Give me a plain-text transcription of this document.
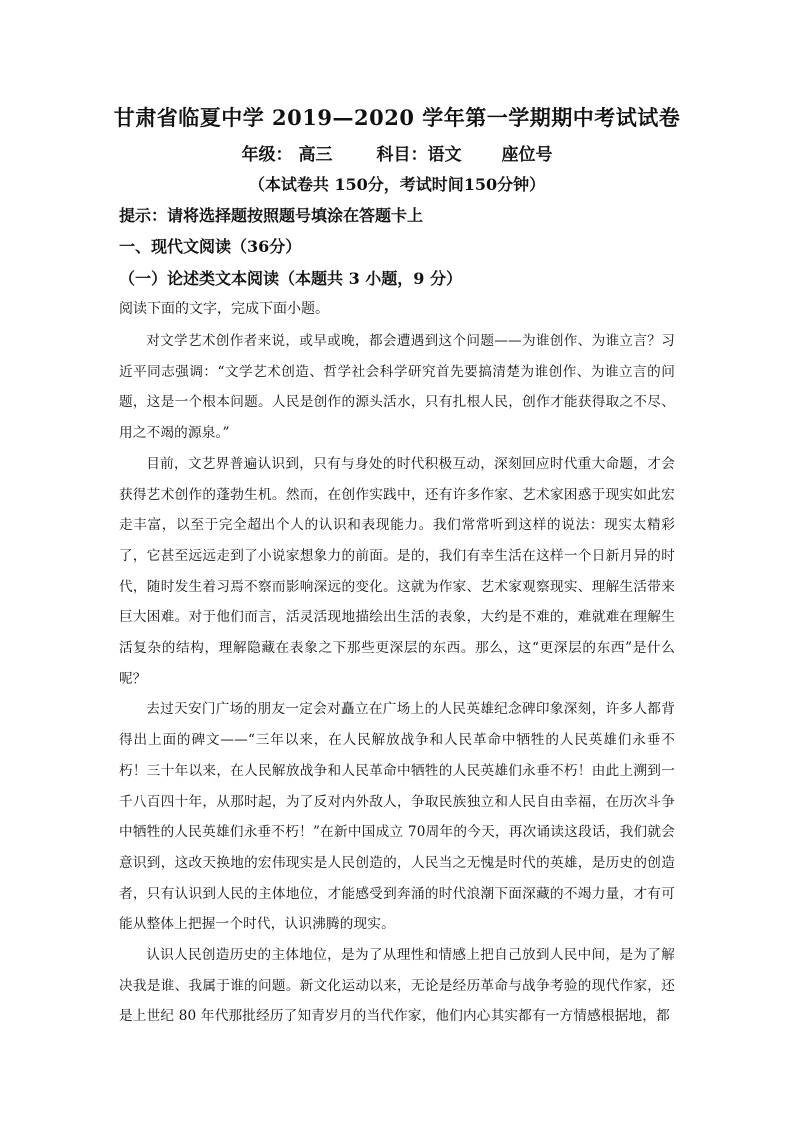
甘肃省临夏中学 2019—2020 学年第一学期期中考试试卷
年级： 高三	科目：语文 座位号
（本试卷共 150分，考试时间150分钟）
提示：请将选择题按照题号填涂在答题卡上
一、现代文阅读（36分）
（一）论述类文本阅读（本题共 3 小题，9 分）
阅读下面的文字，完成下面小题。

对文学艺术创作者来说，或早或晚，都会遭遇到这个问题——为谁创作、为谁立言？习近平同志强调：“文学艺术创造、哲学社会科学研究首先要搞清楚为谁创作、为谁立言的问题，这是一个根本问题。人民是创作的源头活水，只有扎根人民，创作才能获得取之不尽、用之不竭的源泉。”

目前，文艺界普遍认识到，只有与身处的时代积极互动，深刻回应时代重大命题，才会获得艺术创作的蓬勃生机。然而，在创作实践中，还有许多作家、艺术家困惑于现实如此宏走丰富，以至于完全超出个人的认识和表现能力。我们常常听到这样的说法：现实太精彩了，它甚至远远走到了小说家想象力的前面。是的，我们有幸生活在这样一个日新月异的时代，随时发生着习焉不察而影响深远的变化。这就为作家、艺术家观察现实、理解生活带来巨大困难。对于他们而言，活灵活现地描绘出生活的表象，大约是不难的，难就难在理解生活复杂的结构，理解隐藏在表象之下那些更深层的东西。那么，这“更深层的东西”是什么呢？

去过天安门广场的朋友一定会对矗立在广场上的人民英雄纪念碑印象深刻，许多人都背得出上面的碑文——“三年以来，在人民解放战争和人民革命中牺牲的人民英雄们永垂不朽！三十年以来，在人民解放战争和人民革命中牺牲的人民英雄们永垂不朽！由此上溯到一千八百四十年，从那时起，为了反对内外敌人，争取民族独立和人民自由幸福，在历次斗争中牺牲的人民英雄们永垂不朽！”在新中国成立 70周年的今天，再次诵读这段话，我们就会意识到，这改天换地的宏伟现实是人民创造的，人民当之无愧是时代的英雄，是历史的创造者，只有认识到人民的主体地位，才能感受到奔涌的时代浪潮下面深藏的不竭力量，才有可能从整体上把握一个时代，认识沸腾的现实。

认识人民创造历史的主体地位，是为了从理性和情感上把自己放到人民中间，是为了解决我是谁、我属于谁的问题。新文化运动以来，无论是经历革命与战争考验的现代作家，还是上世纪 80 年代那批经历了知青岁月的当代作家，他们内心其实都有一方情感根据地，都
